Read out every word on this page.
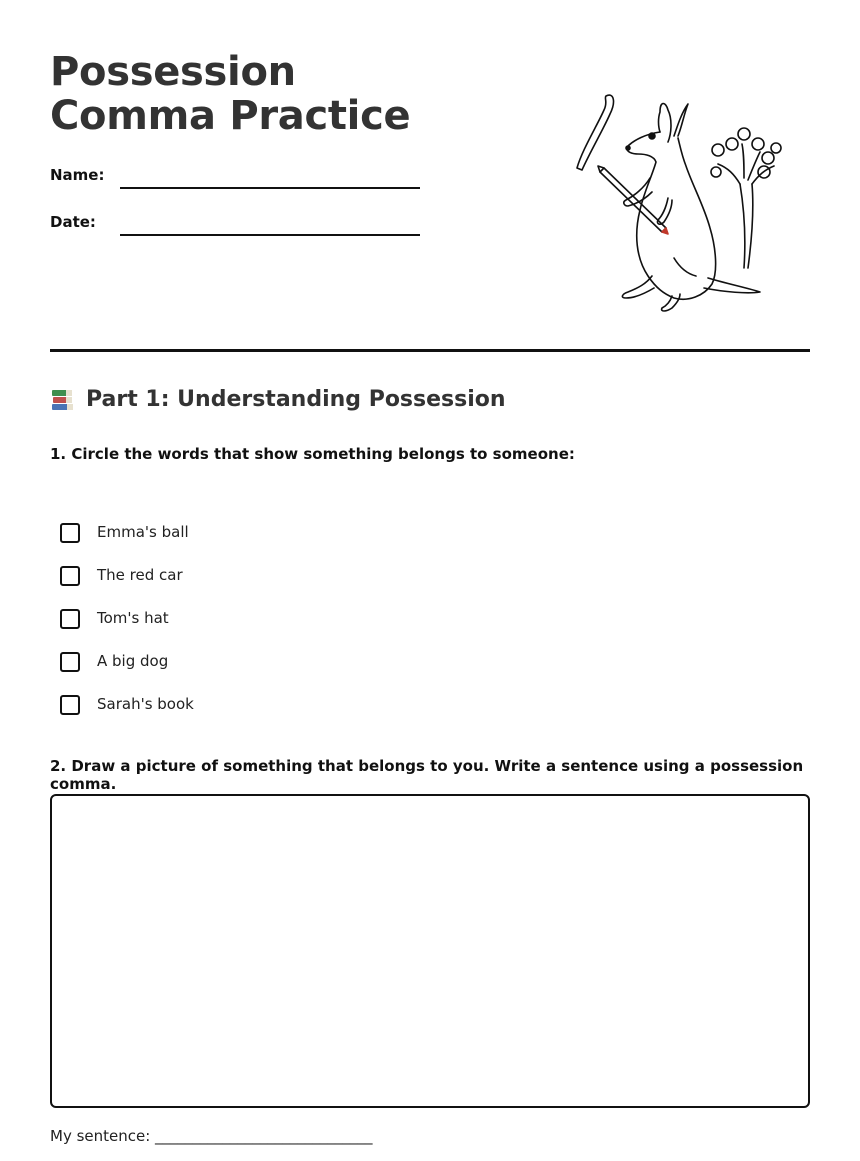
Possession Comma Practice
Name:
Date:
Part 1: Understanding Possession

1. Circle the words that show something belongs to someone:

Emma's ball
The red car
Tom's hat
A big dog
Sarah's book

2. Draw a picture of something that belongs to you. Write a sentence using a possession comma.

My sentence: _____________________________
